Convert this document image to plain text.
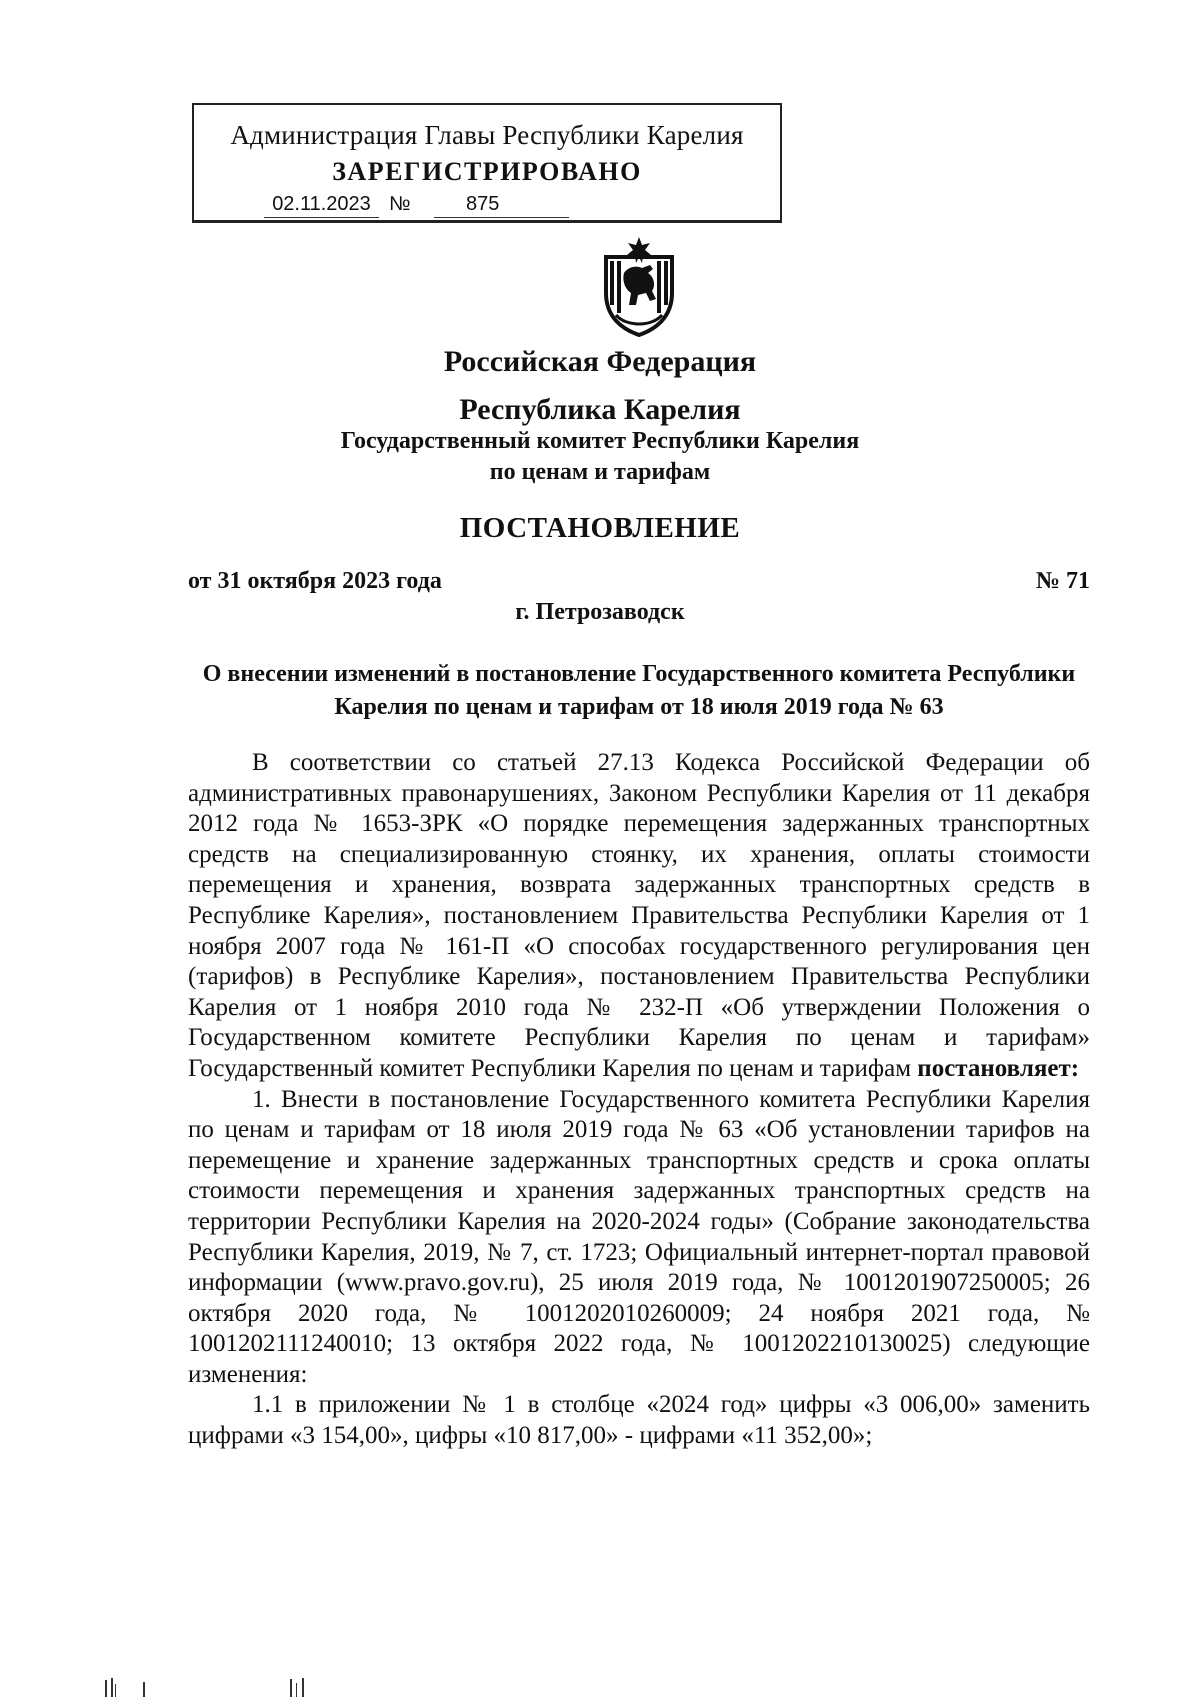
Администрация Главы Республики Карелия
ЗАРЕГИСТРИРОВАНО
02.11.2023 №	875
Российская Федерация
Республика Карелия
Государственный комитет Республики Карелия
по ценам и тарифам
ПОСТАНОВЛЕНИЕ
от 31 октября 2023 года	№ 71
г. Петрозаводск
О внесении изменений в постановление Государственного комитета Республики Карелия по ценам и тарифам от 18 июля 2019 года № 63

В соответствии со статьей 27.13 Кодекса Российской Федерации об административных правонарушениях, Законом Республики Карелия от 11 декабря 2012 года № 1653-ЗРК «О порядке перемещения задержанных транспортных средств на специализированную стоянку, их хранения, оплаты стоимости перемещения и хранения, возврата задержанных транспортных средств в Республике Карелия», постановлением Правительства Республики Карелия от 1 ноября 2007 года № 161-П «О способах государственного регулирования цен (тарифов) в Республике Карелия», постановлением Правительства Республики Карелия от 1 ноября 2010 года № 232-П «Об утверждении Положения о Государственном комитете Республики Карелия по ценам и тарифам» Государственный комитет Республики Карелия по ценам и тарифам постановляет:

1. Внести в постановление Государственного комитета Республики Карелия по ценам и тарифам от 18 июля 2019 года № 63 «Об установлении тарифов на перемещение и хранение задержанных транспортных средств и срока оплаты стоимости перемещения и хранения задержанных транспортных средств на территории Республики Карелия на 2020-2024 годы» (Собрание законодательства Республики Карелия, 2019, № 7, ст. 1723; Официальный интернет-портал правовой информации (www.pravo.gov.ru), 25 июля 2019 года, № 1001201907250005; 26 октября 2020 года, № 1001202010260009; 24 ноября 2021 года, № 1001202111240010; 13 октября 2022 года, № 1001202210130025) следующие изменения:

1.1 в приложении № 1 в столбце «2024 год» цифры «3 006,00» заменить цифрами «3 154,00», цифры «10 817,00» - цифрами «11 352,00»;
